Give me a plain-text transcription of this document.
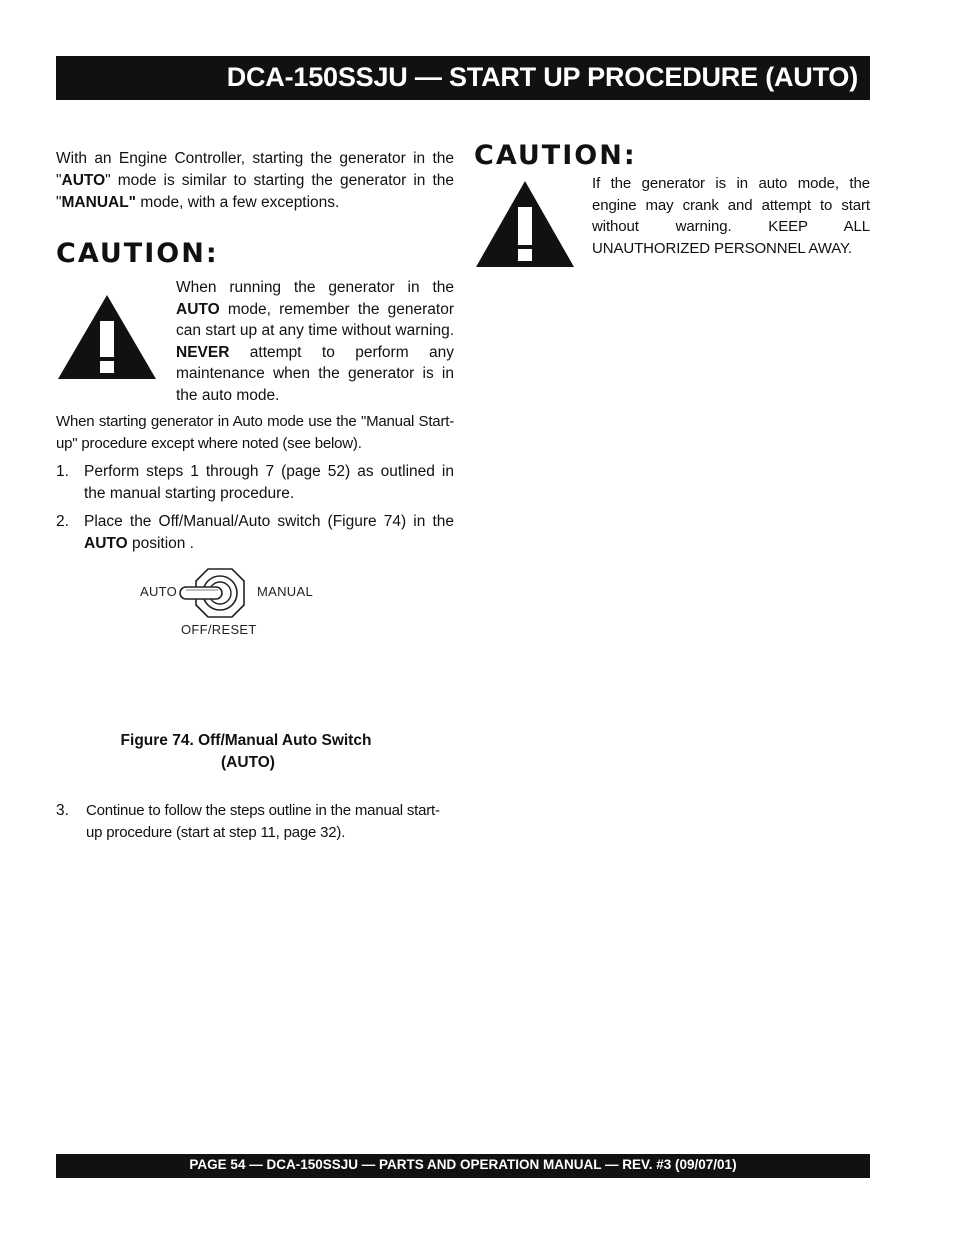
DCA-150SSJU — START UP PROCEDURE (AUTO)

With an Engine Controller, starting the generator in the "AUTO" mode is similar to starting the generator in the "MANUAL" mode, with a few exceptions.

CAUTION:

When running the generator in the AUTO mode, remember the generator can start up at any time without warning. NEVER attempt to perform any maintenance when the generator is in the auto mode.

When starting generator in Auto mode use the "Manual Start-up" procedure except where noted (see below).

1. Perform steps 1 through 7 (page 52) as outlined in the manual starting procedure.

2. Place the Off/Manual/Auto switch (Figure 74) in the AUTO position .

AUTO	MANUAL
OFF/RESET
Figure 74. Off/Manual Auto Switch
(AUTO)
3. Continue to follow the steps outline in the manual start-up procedure (start at step 11, page 32).

CAUTION:

If the generator is in auto mode, the engine may crank and attempt to start without warning. KEEP ALL UNAUTHORIZED PERSONNEL AWAY.

PAGE 54 — DCA-150SSJU — PARTS AND OPERATION MANUAL — REV. #3 (09/07/01)
